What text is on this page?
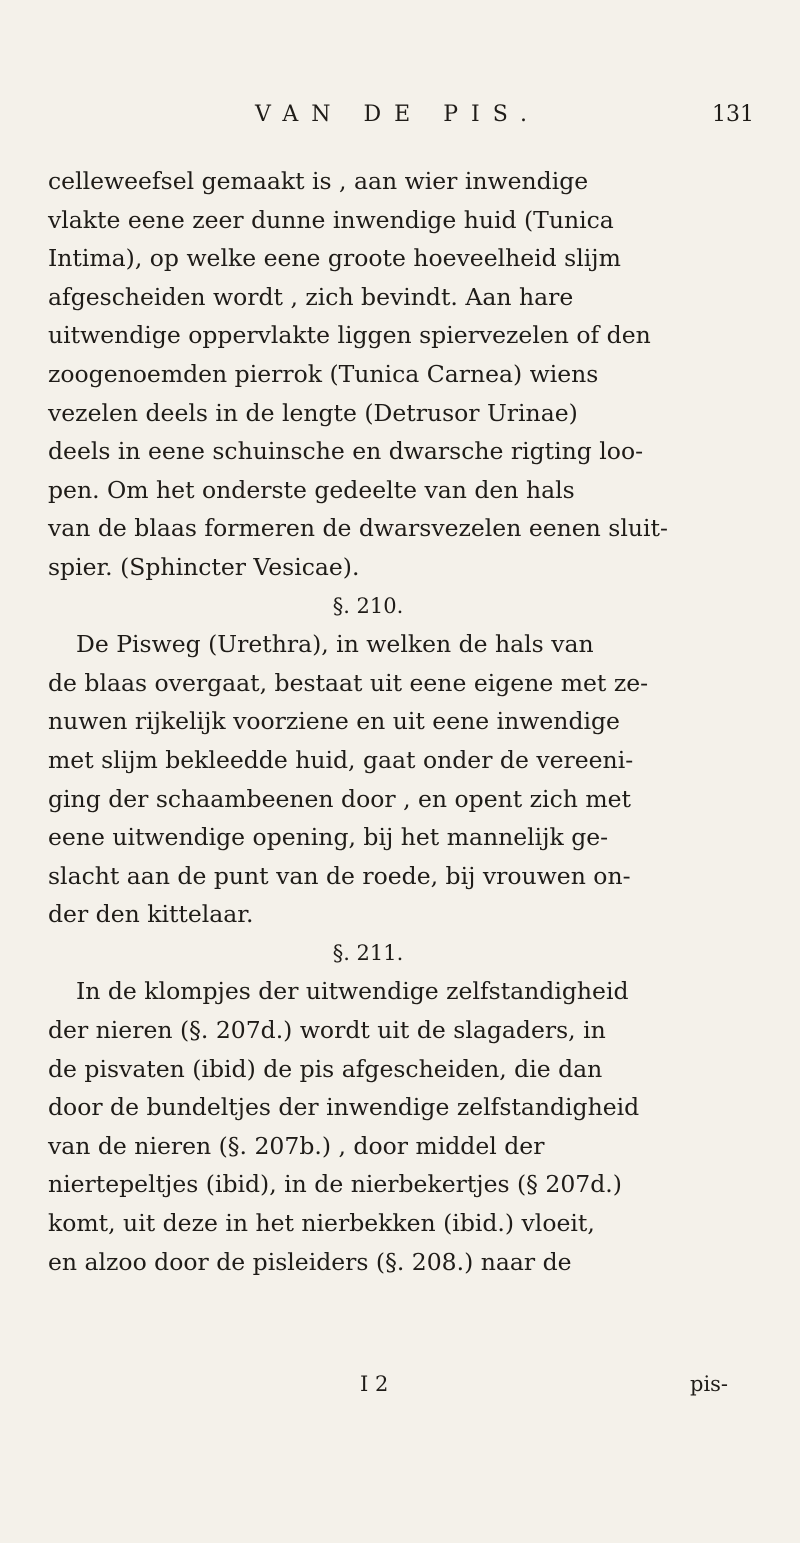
VAN DE PIS.	131
celleweefsel gemaakt is , aan wier inwendige
vlakte eene zeer dunne inwendige huid (Tunica
Intima), op welke eene groote hoeveelheid slijm
afgescheiden wordt , zich bevindt. Aan hare
uitwendige oppervlakte liggen spiervezelen of den
zoogenoemden pierrok (Tunica Carnea) wiens
vezelen deels in de lengte (Detrusor Urinae)
deels in eene schuinsche en dwarsche rigting loo-
pen. Om het onderste gedeelte van den hals
van de blaas formeren de dwarsvezelen eenen sluit-
spier. (Sphincter Vesicae).
§. 210.
De Pisweg (Urethra), in welken de hals van
de blaas overgaat, bestaat uit eene eigene met ze-
nuwen rijkelijk voorziene en uit eene inwendige
met slijm bekleedde huid, gaat onder de vereeni-
ging der schaambeenen door , en opent zich met
eene uitwendige opening, bij het mannelijk ge-
slacht aan de punt van de roede, bij vrouwen on-
der den kittelaar.
§. 211.
In de klompjes der uitwendige zelfstandigheid
der nieren (§. 207d.) wordt uit de slagaders, in
de pisvaten (ibid) de pis afgescheiden, die dan
door de bundeltjes der inwendige zelfstandigheid
van de nieren (§. 207b.) , door middel der
niertepeltjes (ibid), in de nierbekertjes (§ 207d.)
komt, uit deze in het nierbekken (ibid.) vloeit,
en alzoo door de pisleiders (§. 208.) naar de
I 2	pis-
